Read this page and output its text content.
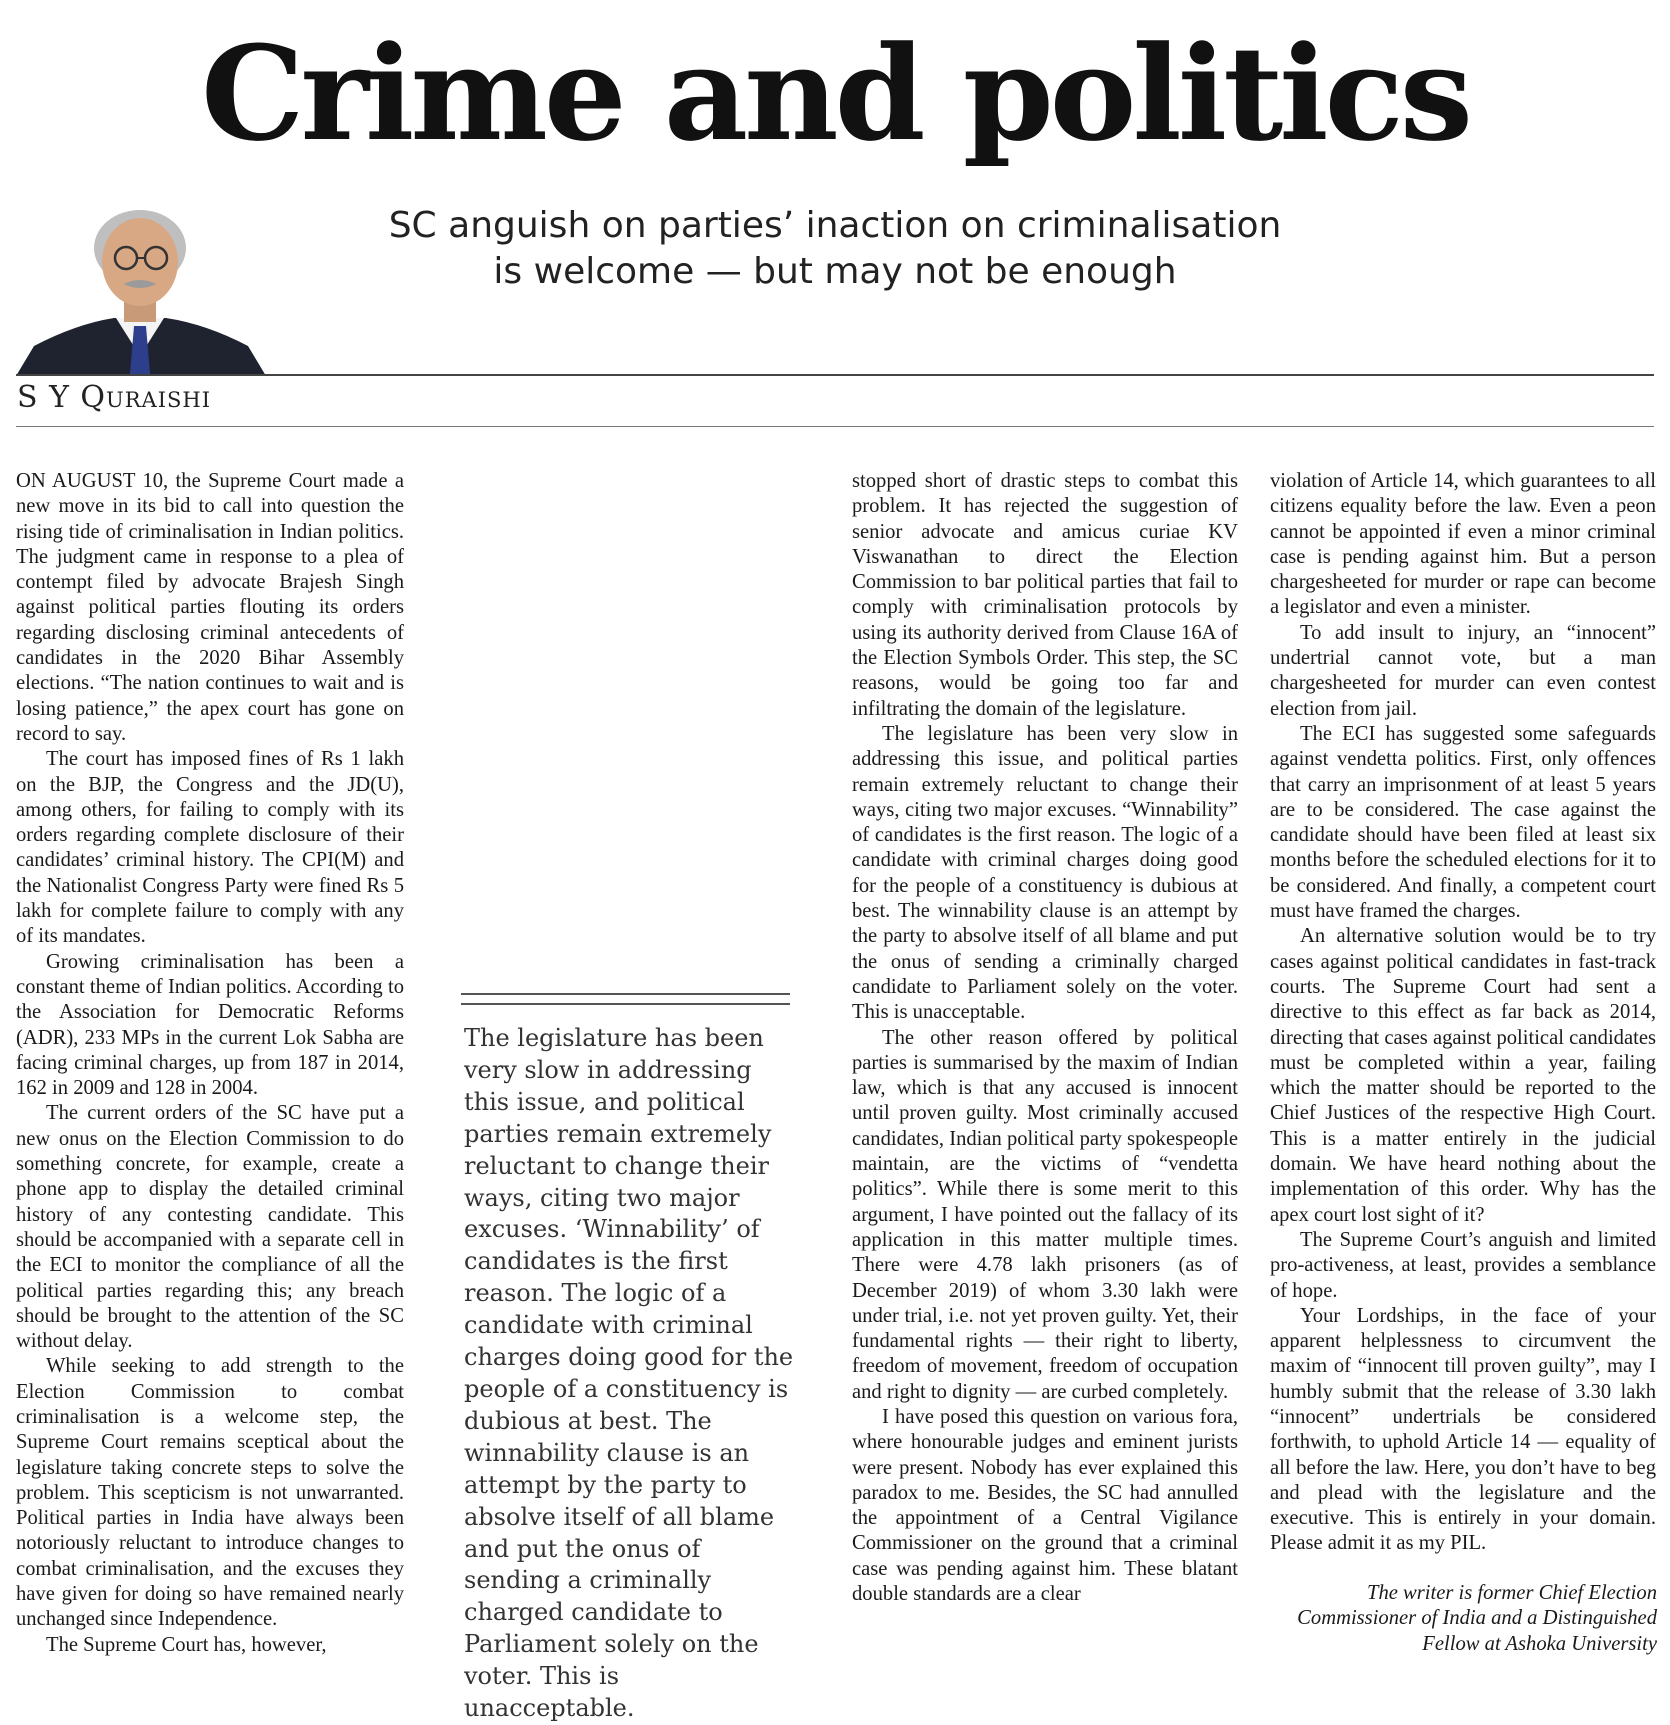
Crime and politics
SC anguish on parties’ inaction on criminalisation
is welcome — but may not be enough
S Y Quraishi

ON AUGUST 10, the Supreme Court made a new move in its bid to call into question the rising tide of criminalisation in Indian politics. The judgment came in response to a plea of contempt filed by advocate Brajesh Singh against political parties flouting its orders regarding disclosing criminal antecedents of candidates in the 2020 Bihar Assembly elections. “The nation continues to wait and is losing patience,” the apex court has gone on record to say.

The court has imposed fines of Rs 1 lakh on the BJP, the Congress and the JD(U), among others, for failing to comply with its orders regarding complete disclosure of their candidates’ criminal history. The CPI(M) and the Nationalist Congress Party were fined Rs 5 lakh for complete failure to comply with any of its mandates.

Growing criminalisation has been a constant theme of Indian politics. According to the Association for Democratic Reforms (ADR), 233 MPs in the current Lok Sabha are facing criminal charges, up from 187 in 2014, 162 in 2009 and 128 in 2004.

The current orders of the SC have put a new onus on the Election Commission to do something concrete, for example, create a phone app to display the detailed criminal history of any contesting candidate. This should be accompanied with a separate cell in the ECI to monitor the compliance of all the political parties regarding this; any breach should be brought to the attention of the SC without delay.

While seeking to add strength to the Election Commission to combat criminalisation is a welcome step, the Supreme Court remains sceptical about the legislature taking concrete steps to solve the problem. This scepticism is not unwarranted. Political parties in India have always been notoriously reluctant to introduce changes to combat criminalisation, and the excuses they have given for doing so have remained nearly unchanged since Independence.

The Supreme Court has, however,

The legislature has been very slow in addressing this issue, and political parties remain extremely reluctant to change their ways, citing two major excuses. ‘Winnability’ of candidates is the first reason. The logic of a candidate with criminal charges doing good for the people of a constituency is dubious at best. The winnability clause is an attempt by the party to absolve itself of all blame and put the onus of sending a criminally charged candidate to Parliament solely on the voter. This is unacceptable.

stopped short of drastic steps to combat this problem. It has rejected the suggestion of senior advocate and amicus curiae KV Viswanathan to direct the Election Commission to bar political parties that fail to comply with criminalisation protocols by using its authority derived from Clause 16A of the Election Symbols Order. This step, the SC reasons, would be going too far and infiltrating the domain of the legislature.

The legislature has been very slow in addressing this issue, and political parties remain extremely reluctant to change their ways, citing two major excuses. “Winnability” of candidates is the first reason. The logic of a candidate with criminal charges doing good for the people of a constituency is dubious at best. The winnability clause is an attempt by the party to absolve itself of all blame and put the onus of sending a criminally charged candidate to Parliament solely on the voter. This is unacceptable.

The other reason offered by political parties is summarised by the maxim of Indian law, which is that any accused is innocent until proven guilty. Most criminally accused candidates, Indian political party spokespeople maintain, are the victims of “vendetta politics”. While there is some merit to this argument, I have pointed out the fallacy of its application in this matter multiple times. There were 4.78 lakh prisoners (as of December 2019) of whom 3.30 lakh were under trial, i.e. not yet proven guilty. Yet, their fundamental rights — their right to liberty, freedom of movement, freedom of occupation and right to dignity — are curbed completely.

I have posed this question on various fora, where honourable judges and eminent jurists were present. Nobody has ever explained this paradox to me. Besides, the SC had annulled the appointment of a Central Vigilance Commissioner on the ground that a criminal case was pending against him. These blatant double standards are a clear

violation of Article 14, which guarantees to all citizens equality before the law. Even a peon cannot be appointed if even a minor criminal case is pending against him. But a person chargesheeted for murder or rape can become a legislator and even a minister.

To add insult to injury, an “innocent” undertrial cannot vote, but a man chargesheeted for murder can even contest election from jail.

The ECI has suggested some safeguards against vendetta politics. First, only offences that carry an imprisonment of at least 5 years are to be considered. The case against the candidate should have been filed at least six months before the scheduled elections for it to be considered. And finally, a competent court must have framed the charges.

An alternative solution would be to try cases against political candidates in fast-track courts. The Supreme Court had sent a directive to this effect as far back as 2014, directing that cases against political candidates must be completed within a year, failing which the matter should be reported to the Chief Justices of the respective High Court. This is a matter entirely in the judicial domain. We have heard nothing about the implementation of this order. Why has the apex court lost sight of it?

The Supreme Court’s anguish and limited pro-activeness, at least, provides a semblance of hope.

Your Lordships, in the face of your apparent helplessness to circumvent the maxim of “innocent till proven guilty”, may I humbly submit that the release of 3.30 lakh “innocent” undertrials be considered forthwith, to uphold Article 14 — equality of all before the law. Here, you don’t have to beg and plead with the legislature and the executive. This is entirely in your domain. Please admit it as my PIL.

The writer is former Chief Election Commissioner of India and a Distinguished Fellow at Ashoka University
